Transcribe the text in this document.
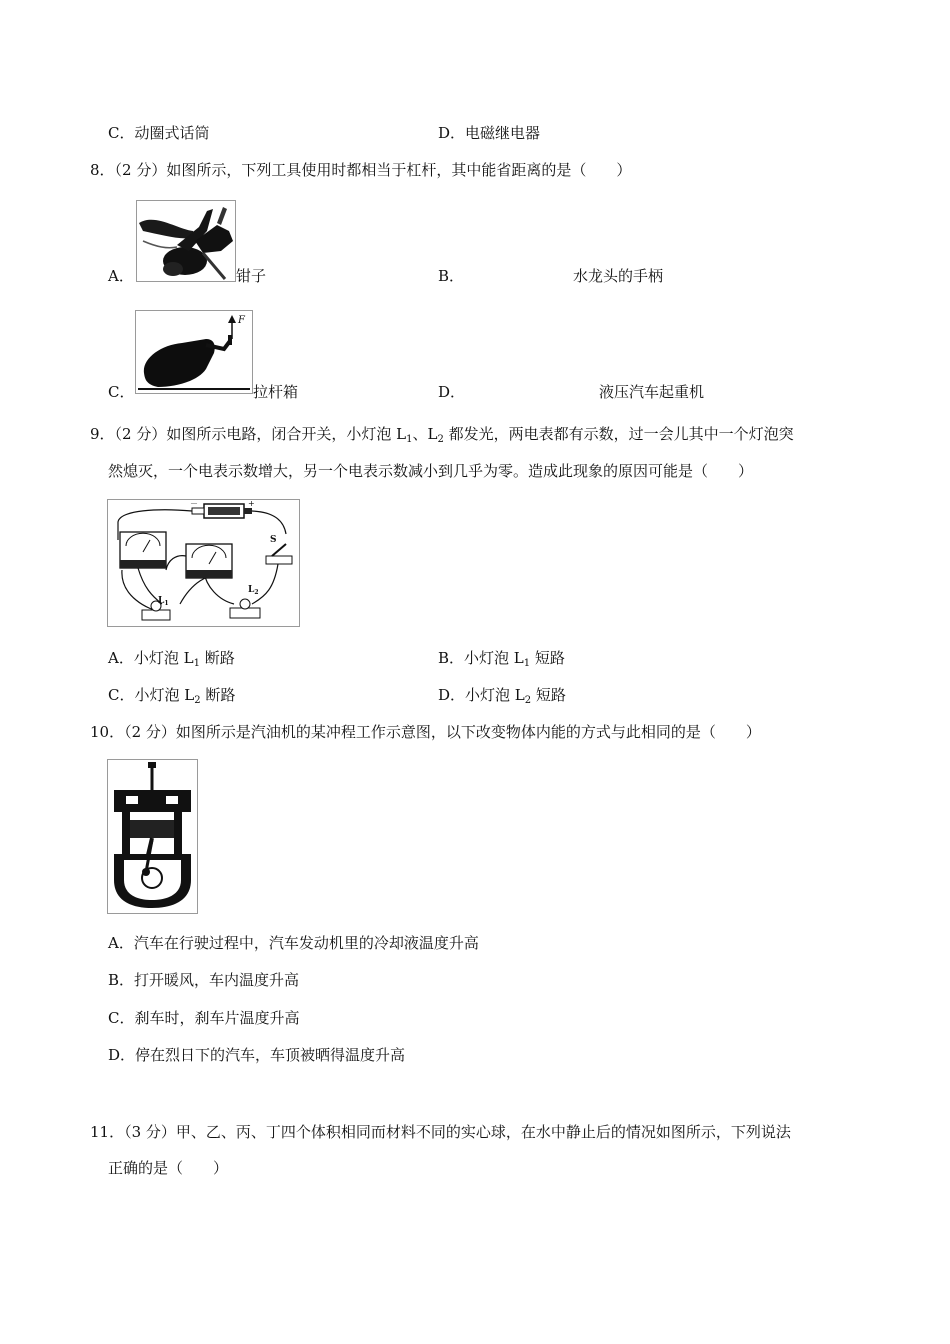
C．动圈式话筒	D．电磁继电器
8．（2 分）如图所示，下列工具使用时都相当于杠杆，其中能省距离的是（　　）
A．	钳子	B．	水龙头的手柄
C．
F
拉杆箱	D．	液压汽车起重机
9．（2 分）如图所示电路，闭合开关，小灯泡 $L_1$、$L_2$ 都发光，两电表都有示数，过一会儿其中一个灯泡突
然熄灭，一个电表示数增大，另一个电表示数减小到几乎为零。造成此现象的原因可能是（　　）
－	+
S
$L_1$
$L_2$
A．小灯泡 $L_1$ 断路	B．小灯泡 $L_1$ 短路
C．小灯泡 $L_2$ 断路	D．小灯泡 $L_2$ 短路
10．（2 分）如图所示是汽油机的某冲程工作示意图，以下改变物体内能的方式与此相同的是（　　）
A．汽车在行驶过程中，汽车发动机里的冷却液温度升高
B．打开暖风，车内温度升高
C．刹车时，刹车片温度升高
D．停在烈日下的汽车，车顶被晒得温度升高
11．（3 分）甲、乙、丙、丁四个体积相同而材料不同的实心球，在水中静止后的情况如图所示，下列说法
正确的是（　　）
